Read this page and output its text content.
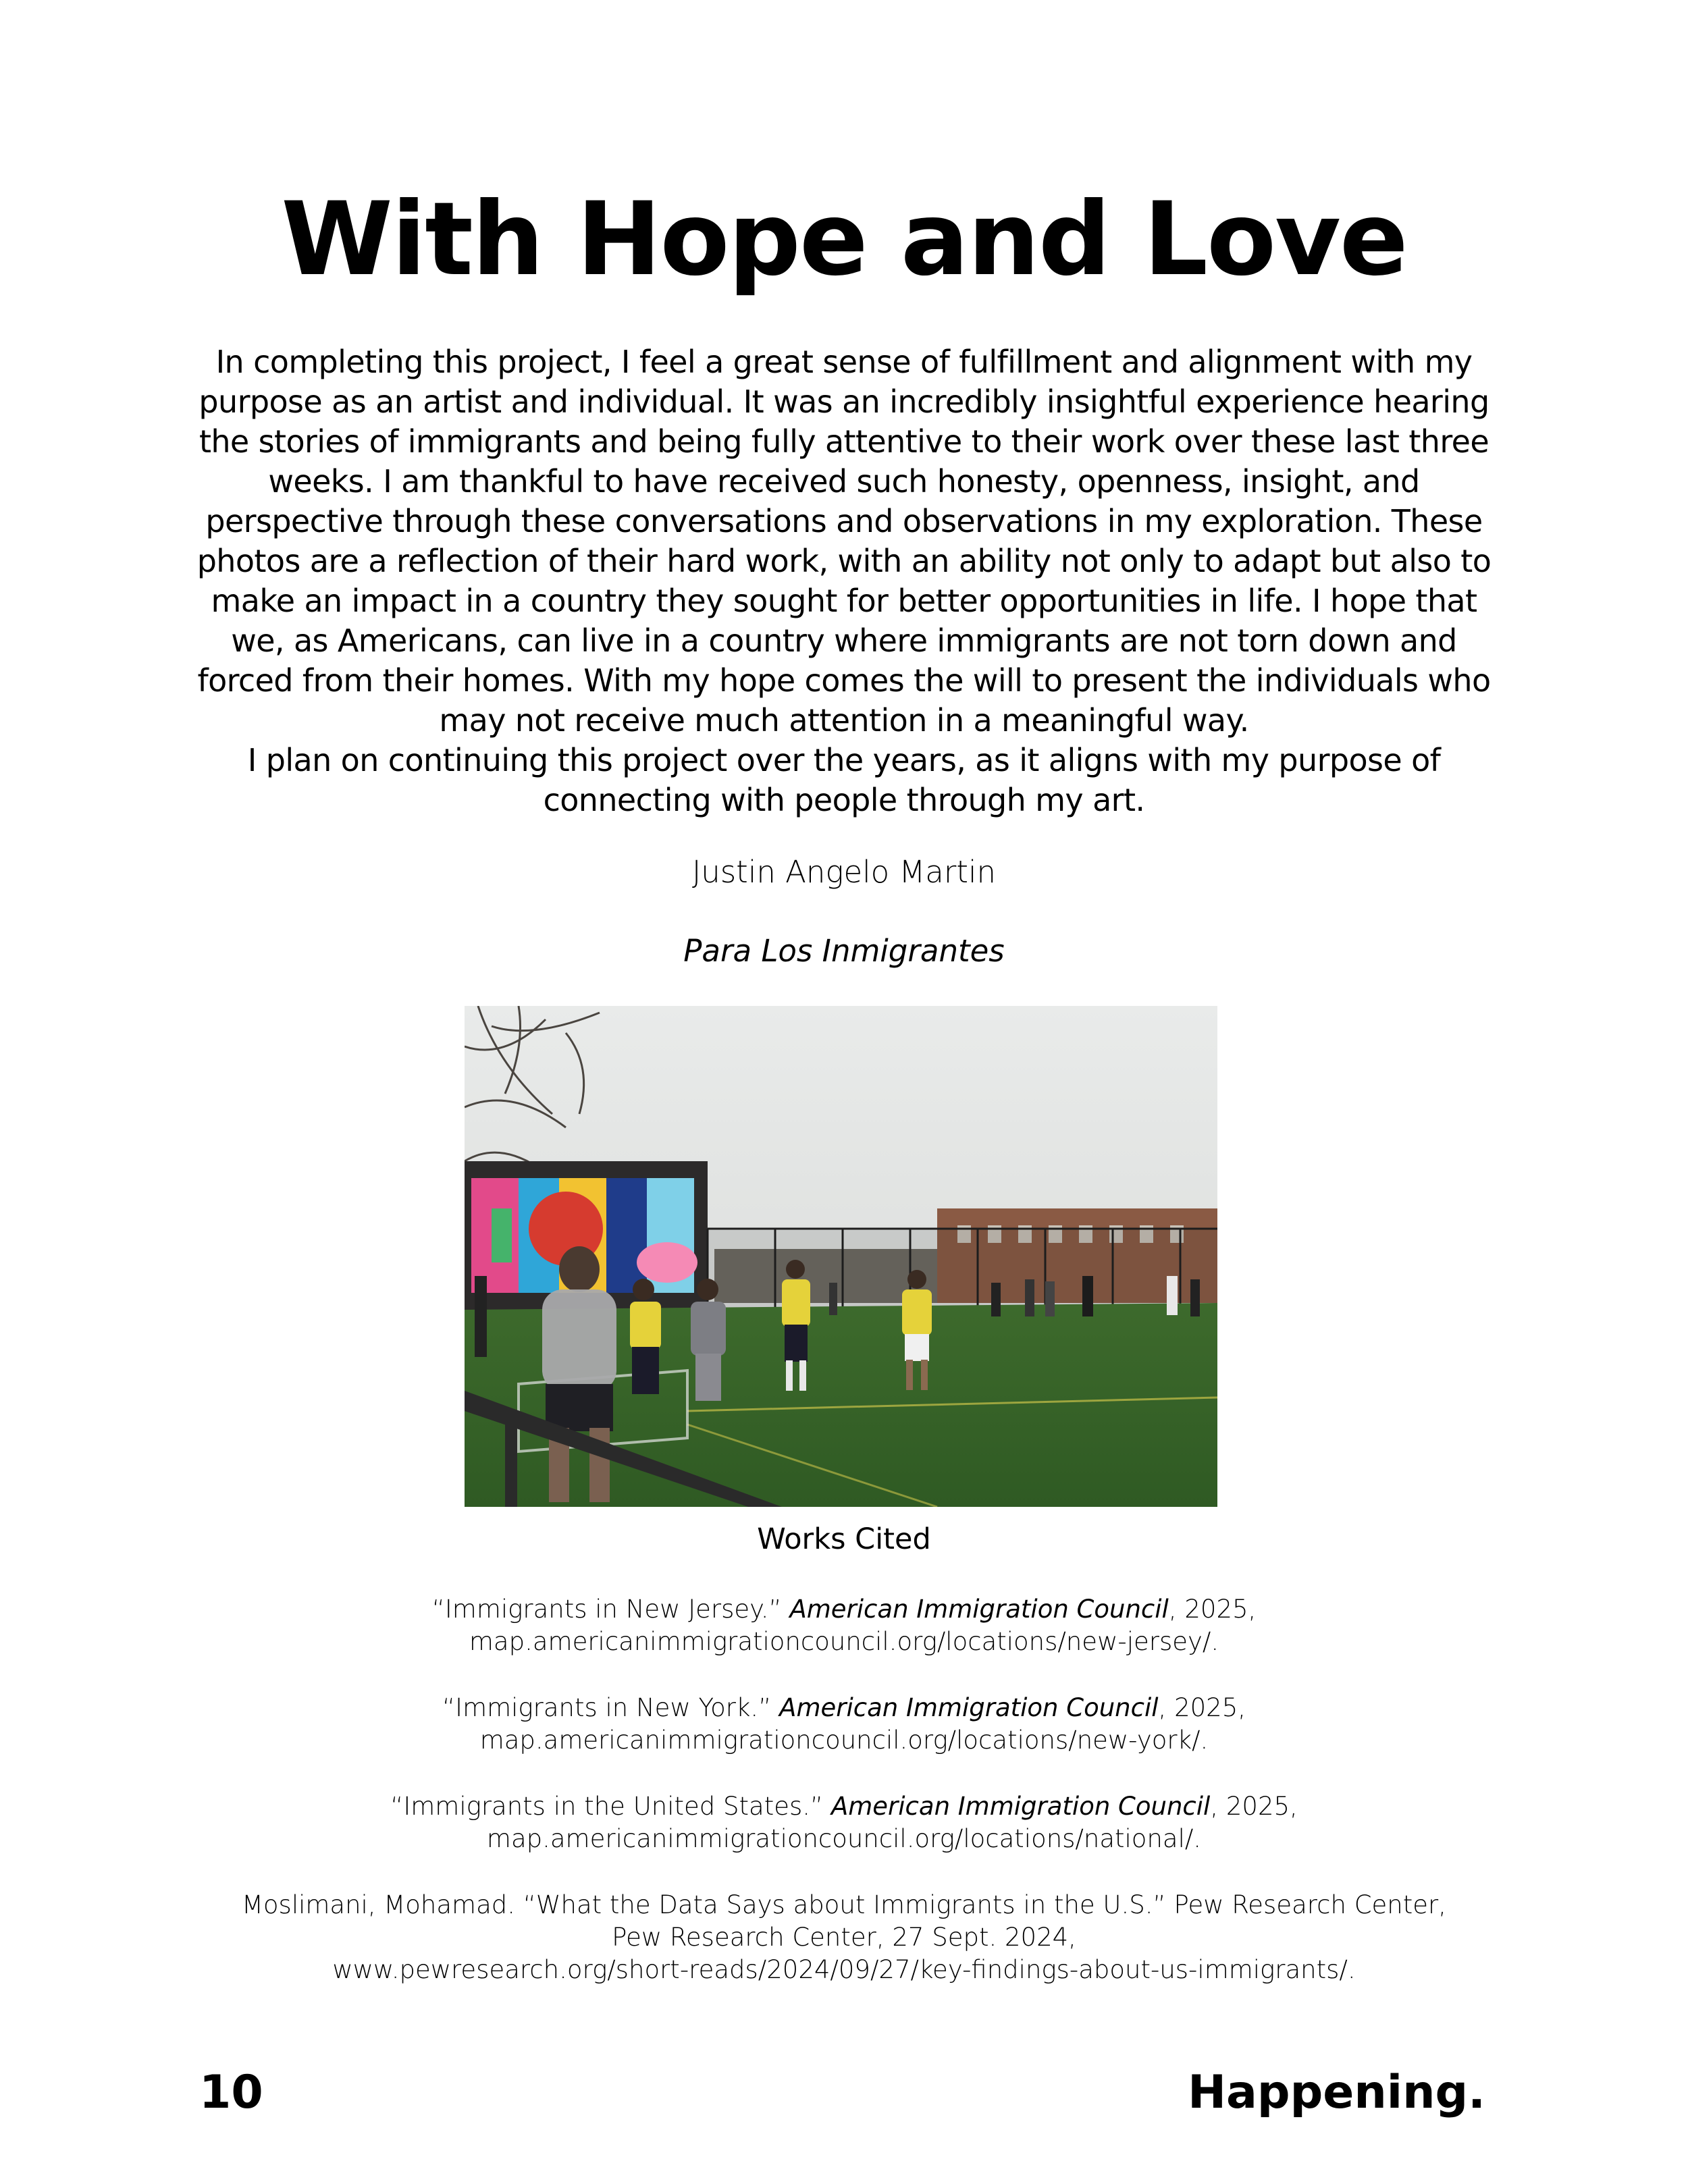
With Hope and Love

In completing this project, I feel a great sense of fulfillment and alignment with my purpose as an artist and individual. It was an incredibly insightful experience hearing the stories of immigrants and being fully attentive to their work over these last three weeks. I am thankful to have received such honesty, openness, insight, and perspective through these conversations and observations in my exploration. These photos are a reflection of their hard work, with an ability not only to adapt but also to make an impact in a country they sought for better opportunities in life. I hope that we, as Americans, can live in a country where immigrants are not torn down and forced from their homes. With my hope comes the will to present the individuals who may not receive much attention in a meaningful way.

I plan on continuing this project over the years, as it aligns with my purpose of connecting with people through my art.

Justin Angelo Martin

Para Los Inmigrantes

Works Cited

“Immigrants in New Jersey.” American Immigration Council, 2025,
map.americanimmigrationcouncil.org/locations/new-jersey/.
“Immigrants in New York.” American Immigration Council, 2025,
map.americanimmigrationcouncil.org/locations/new-york/.
“Immigrants in the United States.” American Immigration Council, 2025,
map.americanimmigrationcouncil.org/locations/national/.
Moslimani, Mohamad. “What the Data Says about Immigrants in the U.S.” Pew Research Center,
Pew Research Center, 27 Sept. 2024,
www.pewresearch.org/short-reads/2024/09/27/key-findings-about-us-immigrants/.

10	Happening.
